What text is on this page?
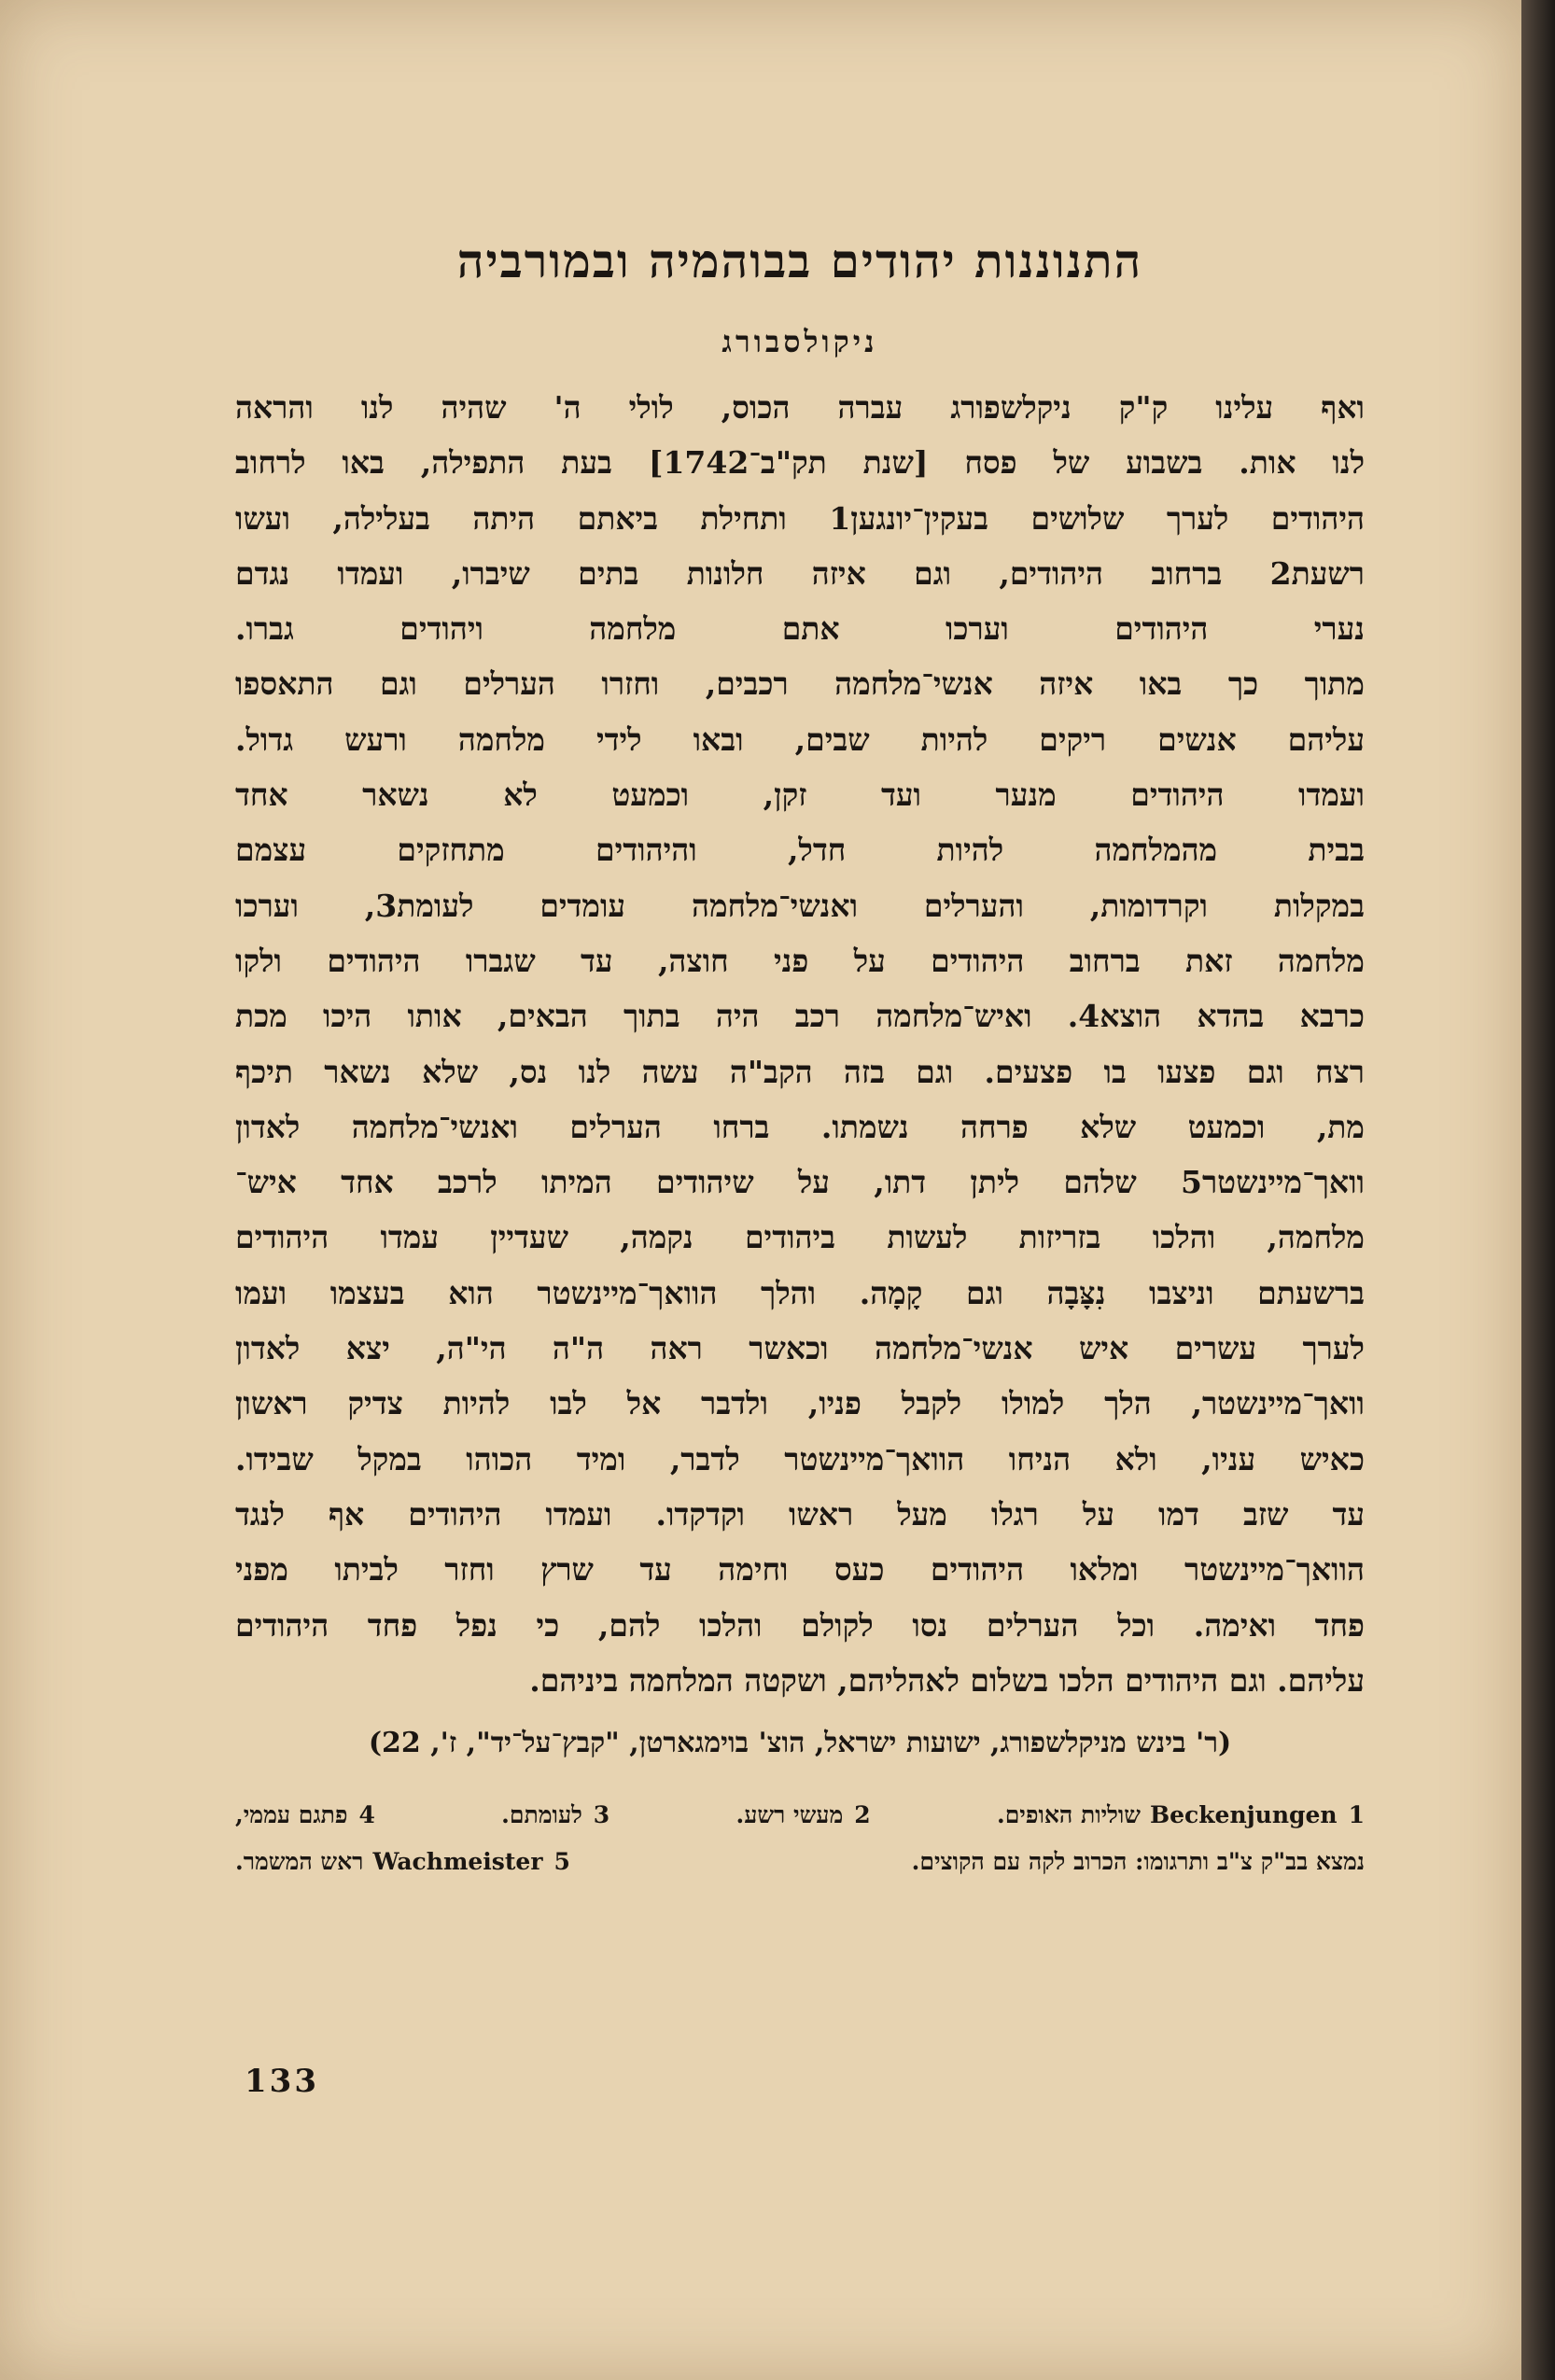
התנוננות יהודים בבוהמיה ובמורביה
ניקולסבורג
ואף עלינו ק"ק ניקלשפורג עברה הכוס, לולי ה' שהיה לנו והראה
לנו אות. בשבוע של פסח [שנת תק"ב־1742] בעת התפילה, באו לרחוב
היהודים לערך שלושים בעקין־יונגען1 ותחילת ביאתם היתה בעלילה, ועשו
רשעת2 ברחוב היהודים, וגם איזה חלונות בתים שיברו, ועמדו נגדם
נערי היהודים וערכו אתם מלחמה ויהודים גברו.
מתוך כך באו איזה אנשי־מלחמה רכבים, וחזרו הערלים וגם התאספו
עליהם אנשים ריקים להיות שבים, ובאו לידי מלחמה ורעש גדול.
ועמדו היהודים מנער ועד זקן, וכמעט לא נשאר אחד
בבית מהמלחמה להיות חדל, והיהודים מתחזקים עצמם
במקלות וקרדומות, והערלים ואנשי־מלחמה עומדים לעומת3, וערכו
מלחמה זאת ברחוב היהודים על פני חוצה, עד שגברו היהודים ולקו
כרבא בהדא הוצא4. ואיש־מלחמה רכב היה בתוך הבאים, אותו היכו מכת
רצח וגם פצעו בו פצעים. וגם בזה הקב"ה עשה לנו נס, שלא נשאר תיכף
מת, וכמעט שלא פרחה נשמתו. ברחו הערלים ואנשי־מלחמה לאדון
וואך־מיינשטר5 שלהם ליתן דתו, על שיהודים המיתו לרכב אחד איש־
מלחמה, והלכו בזריזות לעשות ביהודים נקמה, שעדיין עמדו היהודים
ברשעתם וניצבו נִצָּבָה וגם קָמָה. והלך הוואך־מיינשטר הוא בעצמו ועמו
לערך עשרים איש אנשי־מלחמה וכאשר ראה ה"ה הי"ה, יצא לאדון
וואך־מיינשטר, הלך למולו לקבל פניו, ולדבר אל לבו להיות צדיק ראשון
כאיש עניו, ולא הניחו הוואך־מיינשטר לדבר, ומיד הכוהו במקל שבידו.
עד שזב דמו על רגלו מעל ראשו וקדקדו. ועמדו היהודים אף לנגד
הוואך־מיינשטר ומלאו היהודים כעס וחימה עד שרץ וחזר לביתו מפני
פחד ואימה. וכל הערלים נסו לקולם והלכו להם, כי נפל פחד היהודים
עליהם. וגם היהודים הלכו בשלום לאהליהם, ושקטה המלחמה ביניהם.
(ר' בינש מניקלשפורג, ישועות ישראל, הוצ' בוימגארטן, "קבץ־על־יד", ז', 22)
1Beckenjungenשוליות האופים.
2מעשי רשע.
3לעומתם.
4פתגם עממי,
נמצא בב"ק צ"ב ותרגומו: הכרוב לקה עם הקוצים.
5Wachmeisterראש המשמר.
133
